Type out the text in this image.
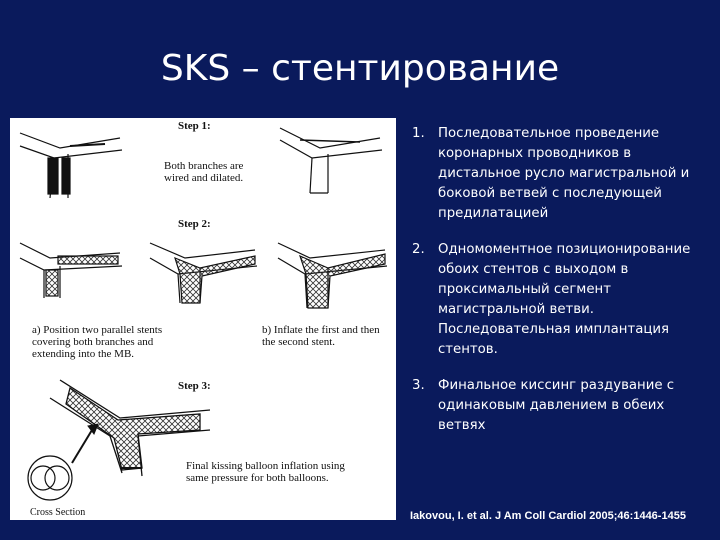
SKS – стентирование
Step 1:
Both branches are wired and dilated.
Step 2:
a) Position two parallel stents covering both branches and extending into the MB.
b) Inflate the first and then the second stent.
Step 3:
Final kissing balloon inflation using same pressure for both balloons.
Cross Section
1.	Последовательное проведение коронарных проводников в дистальное русло магистральной и боковой ветвей с последующей предилатацией
2.	Одномоментное позиционирование обоих стентов с выходом в проксимальный сегмент магистральной ветви. Последовательная имплантация стентов.
3.	Финальное киссинг раздувание с одинаковым давлением в обеих ветвях
Iakovou, I. et al. J Am Coll Cardiol 2005;46:1446-1455
